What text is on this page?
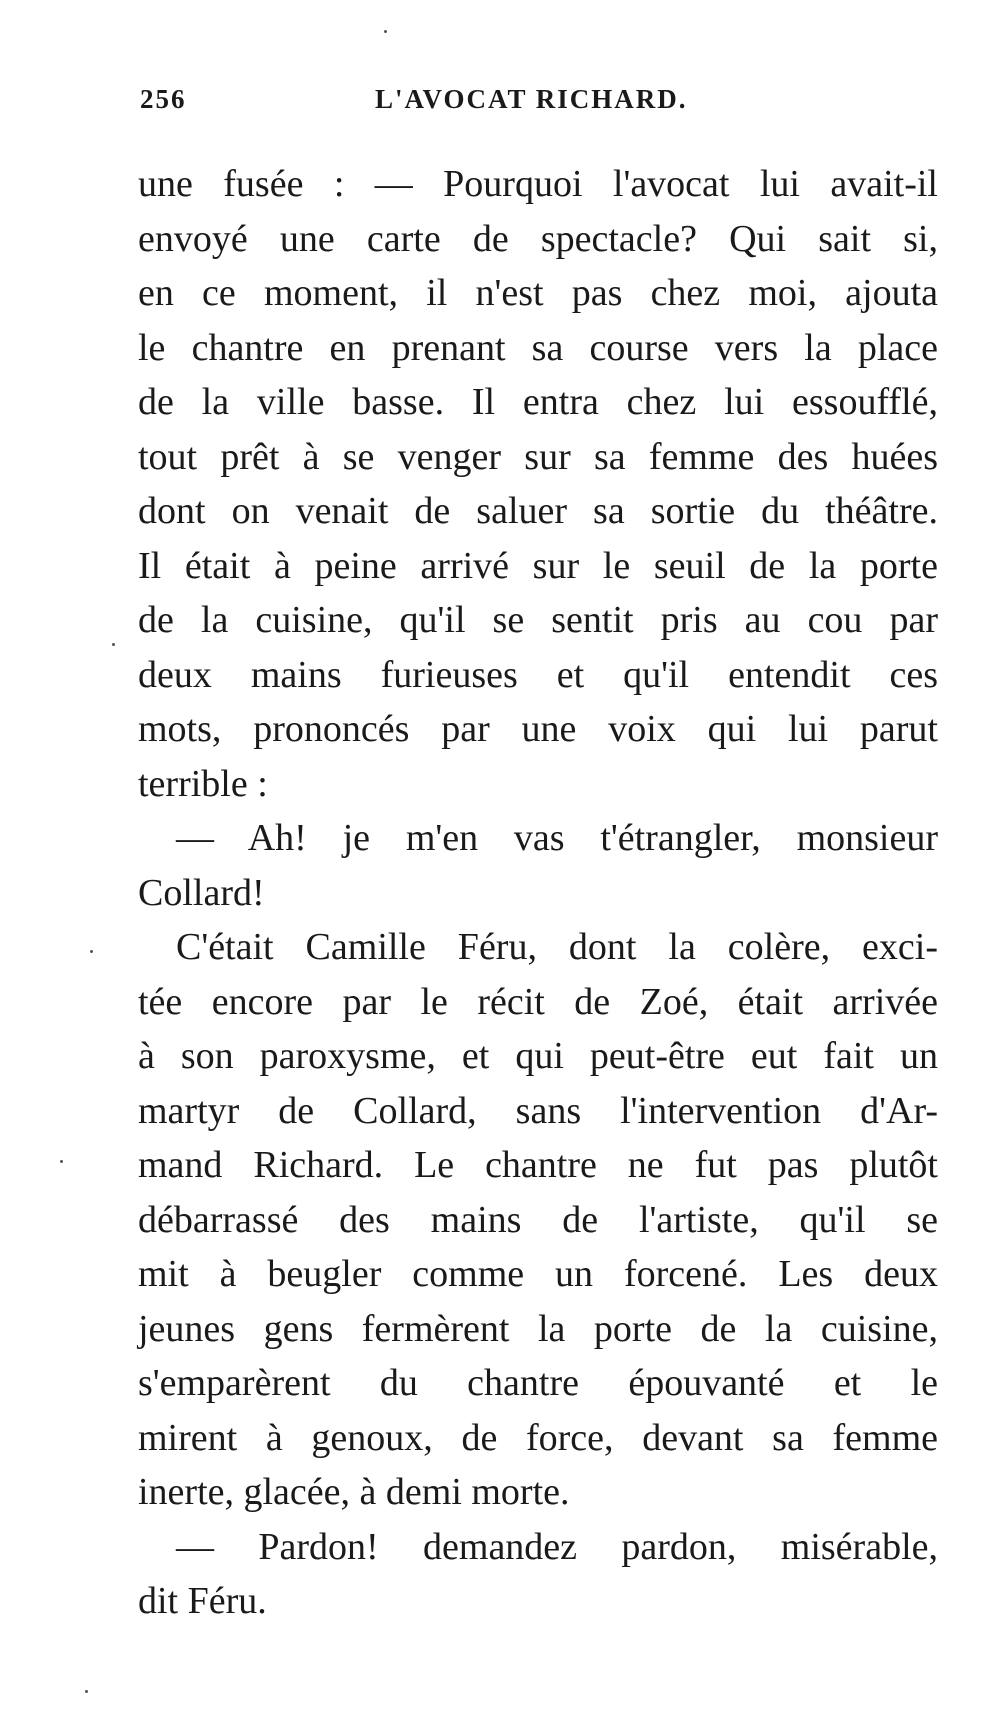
256	L'AVOCAT RICHARD.
une fusée : — Pourquoi l'avocat lui avait-il
envoyé une carte de spectacle? Qui sait si,
en ce moment, il n'est pas chez moi, ajouta
le chantre en prenant sa course vers la place
de la ville basse. Il entra chez lui essoufflé,
tout prêt à se venger sur sa femme des huées
dont on venait de saluer sa sortie du théâtre.
Il était à peine arrivé sur le seuil de la porte
de la cuisine, qu'il se sentit pris au cou par
deux mains furieuses et qu'il entendit ces
mots, prononcés par une voix qui lui parut
terrible :
— Ah! je m'en vas t'étrangler, monsieur
Collard!
C'était Camille Féru, dont la colère, exci-
tée encore par le récit de Zoé, était arrivée
à son paroxysme, et qui peut-être eut fait un
martyr de Collard, sans l'intervention d'Ar-
mand Richard. Le chantre ne fut pas plutôt
débarrassé des mains de l'artiste, qu'il se
mit à beugler comme un forcené. Les deux
jeunes gens fermèrent la porte de la cuisine,
s'emparèrent du chantre épouvanté et le
mirent à genoux, de force, devant sa femme
inerte, glacée, à demi morte.
— Pardon! demandez pardon, misérable,
dit Féru.
